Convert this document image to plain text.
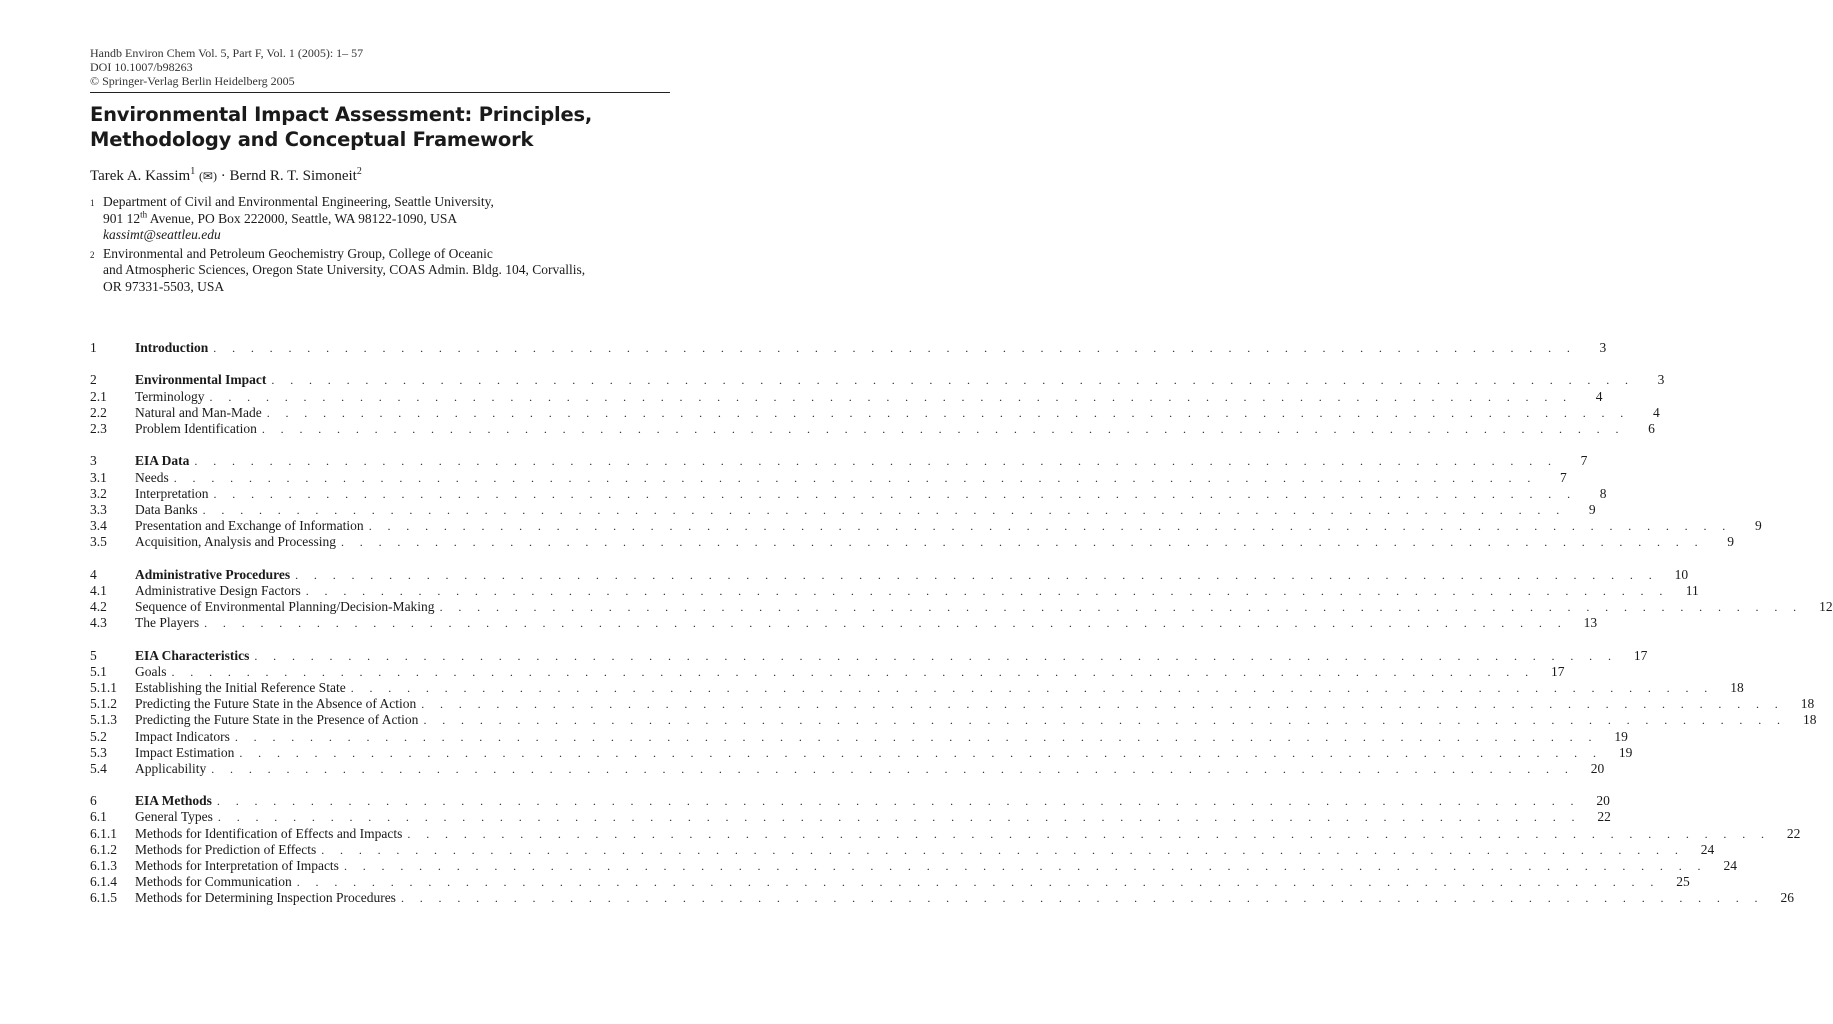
Handb Environ Chem Vol. 5, Part F, Vol. 1 (2005): 1– 57
DOI 10.1007/b98263
© Springer-Verlag Berlin Heidelberg 2005
Environmental Impact Assessment: Principles,
Methodology and Conceptual Framework
Tarek A. Kassim$^1$ (✉) · Bernd R. T. Simoneit$^2$
1 Department of Civil and Environmental Engineering, Seattle University,
901 12th Avenue, PO Box 222000, Seattle, WA 98122-1090, USA
kassimt@seattleu.edu
2 Environmental and Petroleum Geochemistry Group, College of Oceanic
and Atmospheric Sciences, Oregon State University, COAS Admin. Bldg. 104, Corvallis,
OR 97331-5503, USA
1	Introduction . . . . . . . . . . . . . . . . . . . . . . . . . . . . . . . . . . . . . . . . . . . . . . . . . . . . . . . . . . . . . . . . . . . . . . . . .	3
2	Environmental Impact . . . . . . . . . . . . . . . . . . . . . . . . . . . . . . . . . . . . . . . . . . . . . . . . . . . . . . . . . . . . . . . . . . . . . . . . .	3
2.1	Terminology . . . . . . . . . . . . . . . . . . . . . . . . . . . . . . . . . . . . . . . . . . . . . . . . . . . . . . . . . . . . . . . . . . . . . . . . .	4
2.2	Natural and Man-Made . . . . . . . . . . . . . . . . . . . . . . . . . . . . . . . . . . . . . . . . . . . . . . . . . . . . . . . . . . . . . . . . . . . . . . . . .	4
2.3	Problem Identification . . . . . . . . . . . . . . . . . . . . . . . . . . . . . . . . . . . . . . . . . . . . . . . . . . . . . . . . . . . . . . . . . . . . . . . . .	6
3	EIA Data . . . . . . . . . . . . . . . . . . . . . . . . . . . . . . . . . . . . . . . . . . . . . . . . . . . . . . . . . . . . . . . . . . . . . . . . .	7
3.1	Needs . . . . . . . . . . . . . . . . . . . . . . . . . . . . . . . . . . . . . . . . . . . . . . . . . . . . . . . . . . . . . . . . . . . . . . . . .	7
3.2	Interpretation . . . . . . . . . . . . . . . . . . . . . . . . . . . . . . . . . . . . . . . . . . . . . . . . . . . . . . . . . . . . . . . . . . . . . . . . .	8
3.3	Data Banks . . . . . . . . . . . . . . . . . . . . . . . . . . . . . . . . . . . . . . . . . . . . . . . . . . . . . . . . . . . . . . . . . . . . . . . . .	9
3.4	Presentation and Exchange of Information . . . . . . . . . . . . . . . . . . . . . . . . . . . . . . . . . . . . . . . . . . . . . . . . . . . . . . . . . . . . . . . . . . . . . . . . .	9
3.5	Acquisition, Analysis and Processing . . . . . . . . . . . . . . . . . . . . . . . . . . . . . . . . . . . . . . . . . . . . . . . . . . . . . . . . . . . . . . . . . . . . . . . . .	9
4	Administrative Procedures . . . . . . . . . . . . . . . . . . . . . . . . . . . . . . . . . . . . . . . . . . . . . . . . . . . . . . . . . . . . . . . . . . . . . . . . .	10
4.1	Administrative Design Factors . . . . . . . . . . . . . . . . . . . . . . . . . . . . . . . . . . . . . . . . . . . . . . . . . . . . . . . . . . . . . . . . . . . . . . . . .	11
4.2	Sequence of Environmental Planning/Decision-Making . . . . . . . . . . . . . . . . . . . . . . . . . . . . . . . . . . . . . . . . . . . . . . . . . . . . . . . . . . . . . . . . . . . . . . . . .	12
4.3	The Players . . . . . . . . . . . . . . . . . . . . . . . . . . . . . . . . . . . . . . . . . . . . . . . . . . . . . . . . . . . . . . . . . . . . . . . . .	13
5	EIA Characteristics . . . . . . . . . . . . . . . . . . . . . . . . . . . . . . . . . . . . . . . . . . . . . . . . . . . . . . . . . . . . . . . . . . . . . . . . .	17
5.1	Goals . . . . . . . . . . . . . . . . . . . . . . . . . . . . . . . . . . . . . . . . . . . . . . . . . . . . . . . . . . . . . . . . . . . . . . . . .	17
5.1.1	Establishing the Initial Reference State . . . . . . . . . . . . . . . . . . . . . . . . . . . . . . . . . . . . . . . . . . . . . . . . . . . . . . . . . . . . . . . . . . . . . . . . .	18
5.1.2	Predicting the Future State in the Absence of Action . . . . . . . . . . . . . . . . . . . . . . . . . . . . . . . . . . . . . . . . . . . . . . . . . . . . . . . . . . . . . . . . . . . . . . . . .	18
5.1.3	Predicting the Future State in the Presence of Action . . . . . . . . . . . . . . . . . . . . . . . . . . . . . . . . . . . . . . . . . . . . . . . . . . . . . . . . . . . . . . . . . . . . . . . . .	18
5.2	Impact Indicators . . . . . . . . . . . . . . . . . . . . . . . . . . . . . . . . . . . . . . . . . . . . . . . . . . . . . . . . . . . . . . . . . . . . . . . . .	19
5.3	Impact Estimation . . . . . . . . . . . . . . . . . . . . . . . . . . . . . . . . . . . . . . . . . . . . . . . . . . . . . . . . . . . . . . . . . . . . . . . . .	19
5.4	Applicability . . . . . . . . . . . . . . . . . . . . . . . . . . . . . . . . . . . . . . . . . . . . . . . . . . . . . . . . . . . . . . . . . . . . . . . . .	20
6	EIA Methods . . . . . . . . . . . . . . . . . . . . . . . . . . . . . . . . . . . . . . . . . . . . . . . . . . . . . . . . . . . . . . . . . . . . . . . . .	20
6.1	General Types . . . . . . . . . . . . . . . . . . . . . . . . . . . . . . . . . . . . . . . . . . . . . . . . . . . . . . . . . . . . . . . . . . . . . . . . .	22
6.1.1	Methods for Identification of Effects and Impacts . . . . . . . . . . . . . . . . . . . . . . . . . . . . . . . . . . . . . . . . . . . . . . . . . . . . . . . . . . . . . . . . . . . . . . . . .	22
6.1.2	Methods for Prediction of Effects . . . . . . . . . . . . . . . . . . . . . . . . . . . . . . . . . . . . . . . . . . . . . . . . . . . . . . . . . . . . . . . . . . . . . . . . .	24
6.1.3	Methods for Interpretation of Impacts . . . . . . . . . . . . . . . . . . . . . . . . . . . . . . . . . . . . . . . . . . . . . . . . . . . . . . . . . . . . . . . . . . . . . . . . .	24
6.1.4	Methods for Communication . . . . . . . . . . . . . . . . . . . . . . . . . . . . . . . . . . . . . . . . . . . . . . . . . . . . . . . . . . . . . . . . . . . . . . . . .	25
6.1.5	Methods for Determining Inspection Procedures . . . . . . . . . . . . . . . . . . . . . . . . . . . . . . . . . . . . . . . . . . . . . . . . . . . . . . . . . . . . . . . . . . . . . . . . .	26
